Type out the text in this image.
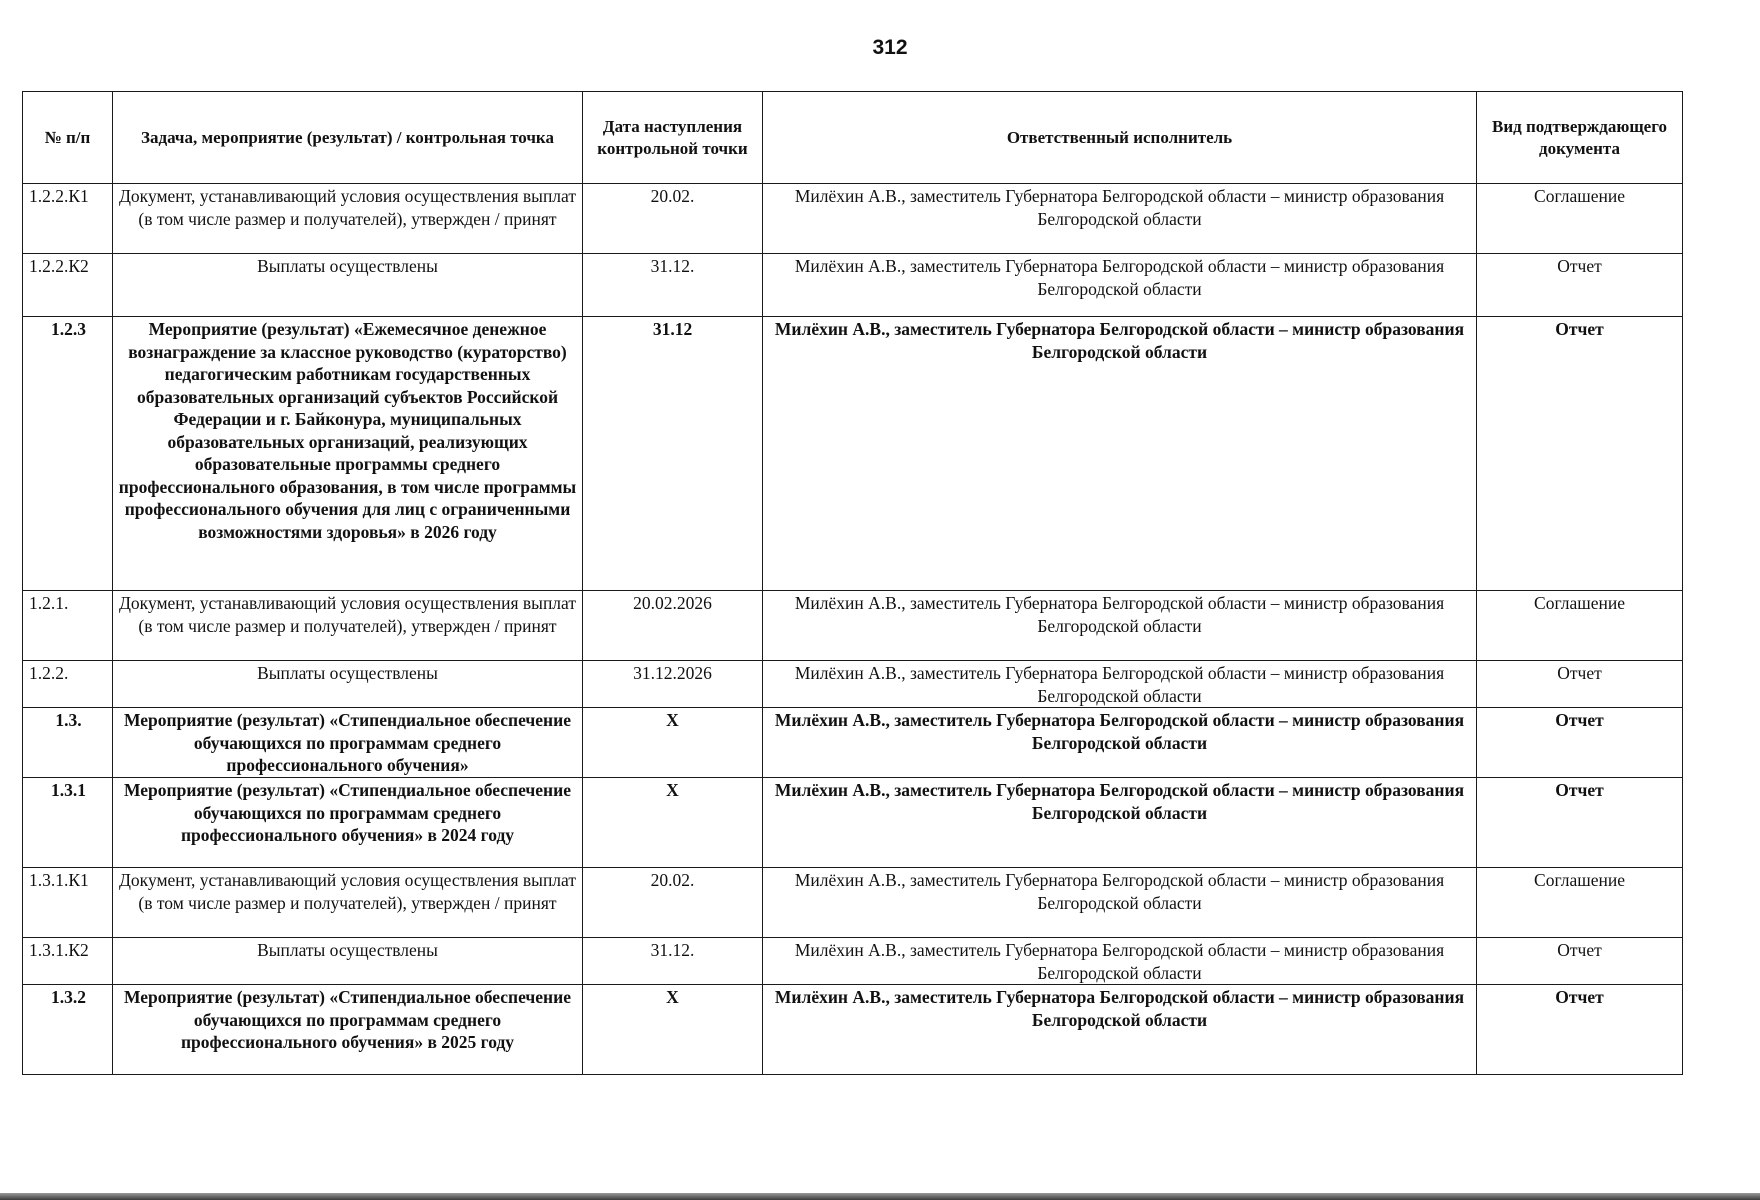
312
№ п/п	Задача, мероприятие (результат) / контрольная точка	Дата наступления контрольной точки	Ответственный исполнитель	Вид подтверждающего документа
1.2.2.К1	Документ, устанавливающий условия осуществления выплат (в том числе размер и получателей), утвержден / принят	20.02.	Милёхин А.В., заместитель Губернатора Белгородской области – министр образования Белгородской области	Соглашение
1.2.2.К2	Выплаты осуществлены	31.12.	Милёхин А.В., заместитель Губернатора Белгородской области – министр образования Белгородской области	Отчет
1.2.3	Мероприятие (результат) «Ежемесячное денежное вознаграждение за классное руководство (кураторство) педагогическим работникам государственных образовательных организаций субъектов Российской Федерации и г. Байконура, муниципальных образовательных организаций, реализующих образовательные программы среднего профессионального образования, в том числе программы профессионального обучения для лиц с ограниченными возможностями здоровья» в 2026 году	31.12	Милёхин А.В., заместитель Губернатора Белгородской области – министр образования Белгородской области	Отчет
1.2.1.	Документ, устанавливающий условия осуществления выплат (в том числе размер и получателей), утвержден / принят	20.02.2026	Милёхин А.В., заместитель Губернатора Белгородской области – министр образования Белгородской области	Соглашение
1.2.2.	Выплаты осуществлены	31.12.2026	Милёхин А.В., заместитель Губернатора Белгородской области – министр образования Белгородской области	Отчет
1.3.	Мероприятие (результат) «Стипендиальное обеспечение обучающихся по программам среднего профессионального обучения»	X	Милёхин А.В., заместитель Губернатора Белгородской области – министр образования Белгородской области	Отчет
1.3.1	Мероприятие (результат) «Стипендиальное обеспечение обучающихся по программам среднего профессионального обучения» в 2024 году	X	Милёхин А.В., заместитель Губернатора Белгородской области – министр образования Белгородской области	Отчет
1.3.1.К1	Документ, устанавливающий условия осуществления выплат (в том числе размер и получателей), утвержден / принят	20.02.	Милёхин А.В., заместитель Губернатора Белгородской области – министр образования Белгородской области	Соглашение
1.3.1.К2	Выплаты осуществлены	31.12.	Милёхин А.В., заместитель Губернатора Белгородской области – министр образования Белгородской области	Отчет
1.3.2	Мероприятие (результат) «Стипендиальное обеспечение обучающихся по программам среднего профессионального обучения» в 2025 году	X	Милёхин А.В., заместитель Губернатора Белгородской области – министр образования Белгородской области	Отчет
